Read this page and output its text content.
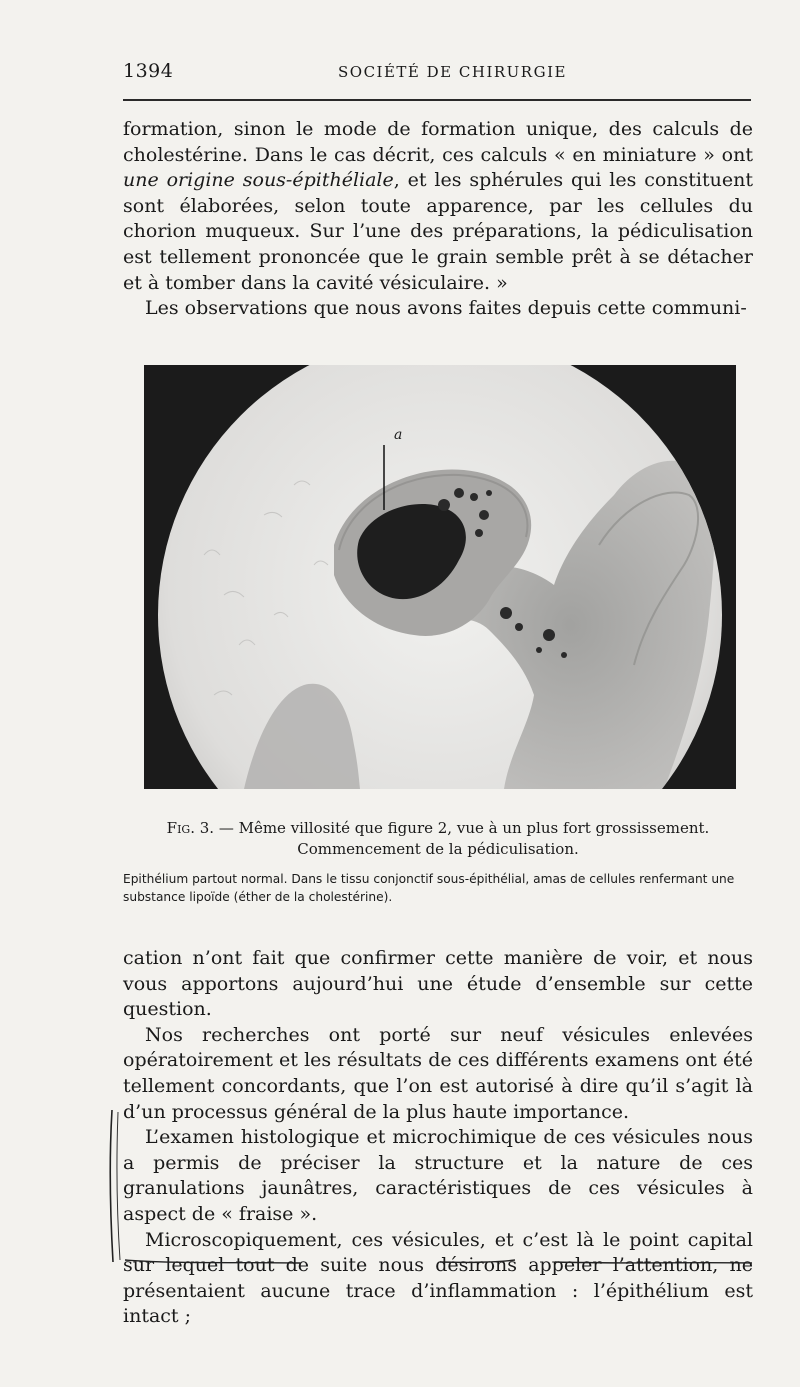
1394	SOCIÉTÉ DE CHIRURGIE

formation, sinon le mode de formation unique, des calculs de cholestérine. Dans le cas décrit, ces calculs « en miniature » ont une origine sous-épithéliale, et les sphérules qui les constituent sont élaborées, selon toute apparence, par les cellules du chorion muqueux. Sur l’une des préparations, la pédiculisation est tellement prononcée que le grain semble prêt à se détacher et à tomber dans la cavité vésiculaire. »

Les observations que nous avons faites depuis cette communi-

a
Fig. 3. — Même villosité que figure 2, vue à un plus fort grossissement.
Commencement de la pédiculisation.
Epithélium partout normal. Dans le tissu conjonctif sous-épithélial, amas de cellules renfermant une substance lipoïde (éther de la cholestérine).

cation n’ont fait que confirmer cette manière de voir, et nous vous apportons aujourd’hui une étude d’ensemble sur cette question.

Nos recherches ont porté sur neuf vésicules enlevées opératoirement et les résultats de ces différents examens ont été tellement concordants, que l’on est autorisé à dire qu’il s’agit là d’un processus général de la plus haute importance.

L’examen histologique et microchimique de ces vésicules nous a permis de préciser la structure et la nature de ces granulations jaunâtres, caractéristiques de ces vésicules à aspect de « fraise ».

Microscopiquement, ces vésicules, et c’est là le point capital sur lequel tout de suite nous désirons appeler l’attention, ne présentaient aucune trace d’inflammation : l’épithélium est intact ;
